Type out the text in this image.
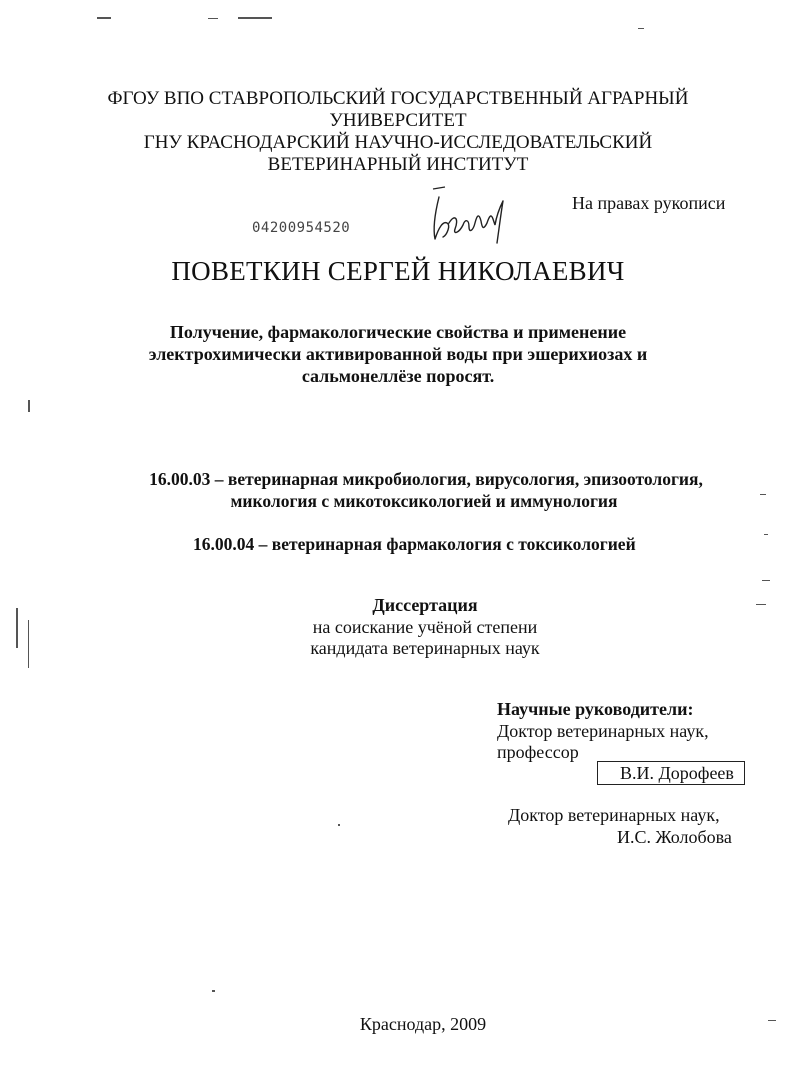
ФГОУ ВПО СТАВРОПОЛЬСКИЙ ГОСУДАРСТВЕННЫЙ АГРАРНЫЙ
УНИВЕРСИТЕТ
ГНУ КРАСНОДАРСКИЙ НАУЧНО-ИССЛЕДОВАТЕЛЬСКИЙ
ВЕТЕРИНАРНЫЙ ИНСТИТУТ
04200954520
На правах рукописи
ПОВЕТКИН СЕРГЕЙ НИКОЛАЕВИЧ
Получение, фармакологические свойства и применение
электрохимически активированной воды при эшерихиозах и
сальмонеллёзе поросят.
16.00.03 – ветеринарная микробиология, вирусология, эпизоотология,
микология с микотоксикологией и иммунология
16.00.04 – ветеринарная фармакология с токсикологией
Диссертация
на соискание учёной степени
кандидата ветеринарных наук
Научные руководители:
Доктор ветеринарных наук,
профессор
В.И. Дорофеев
Доктор ветеринарных наук,
И.С. Жолобова
Краснодар, 2009
